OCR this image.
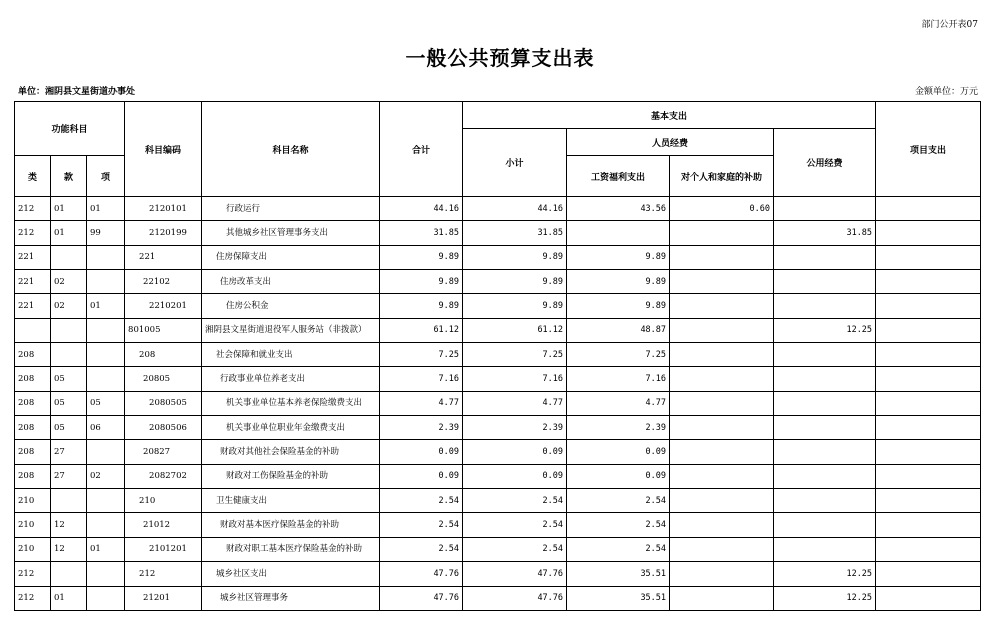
部门公开表07
一般公共预算支出表
单位：湘阴县文星街道办事处	金额单位：万元
功能科目			科目编码	科目名称	合计	基本支出				项目支出
						小计	人员经费		公用经费	
类	款	项					工资福利支出	对个人和家庭的补助		
212	01	01	2120101	行政运行	44.16	44.16	43.56	0.60		
212	01	99	2120199	其他城乡社区管理事务支出	31.85	31.85			31.85	
221			221	住房保障支出	9.89	9.89	9.89			
221	02		22102	住房改革支出	9.89	9.89	9.89			
221	02	01	2210201	住房公积金	9.89	9.89	9.89			
			801005	湘阴县文星街道退役军人服务站（非拨款）	61.12	61.12	48.87		12.25	
208			208	社会保障和就业支出	7.25	7.25	7.25			
208	05		20805	行政事业单位养老支出	7.16	7.16	7.16			
208	05	05	2080505	机关事业单位基本养老保险缴费支出	4.77	4.77	4.77			
208	05	06	2080506	机关事业单位职业年金缴费支出	2.39	2.39	2.39			
208	27		20827	财政对其他社会保险基金的补助	0.09	0.09	0.09			
208	27	02	2082702	财政对工伤保险基金的补助	0.09	0.09	0.09			
210			210	卫生健康支出	2.54	2.54	2.54			
210	12		21012	财政对基本医疗保险基金的补助	2.54	2.54	2.54			
210	12	01	2101201	财政对职工基本医疗保险基金的补助	2.54	2.54	2.54			
212			212	城乡社区支出	47.76	47.76	35.51		12.25	
212	01		21201	城乡社区管理事务	47.76	47.76	35.51		12.25	
